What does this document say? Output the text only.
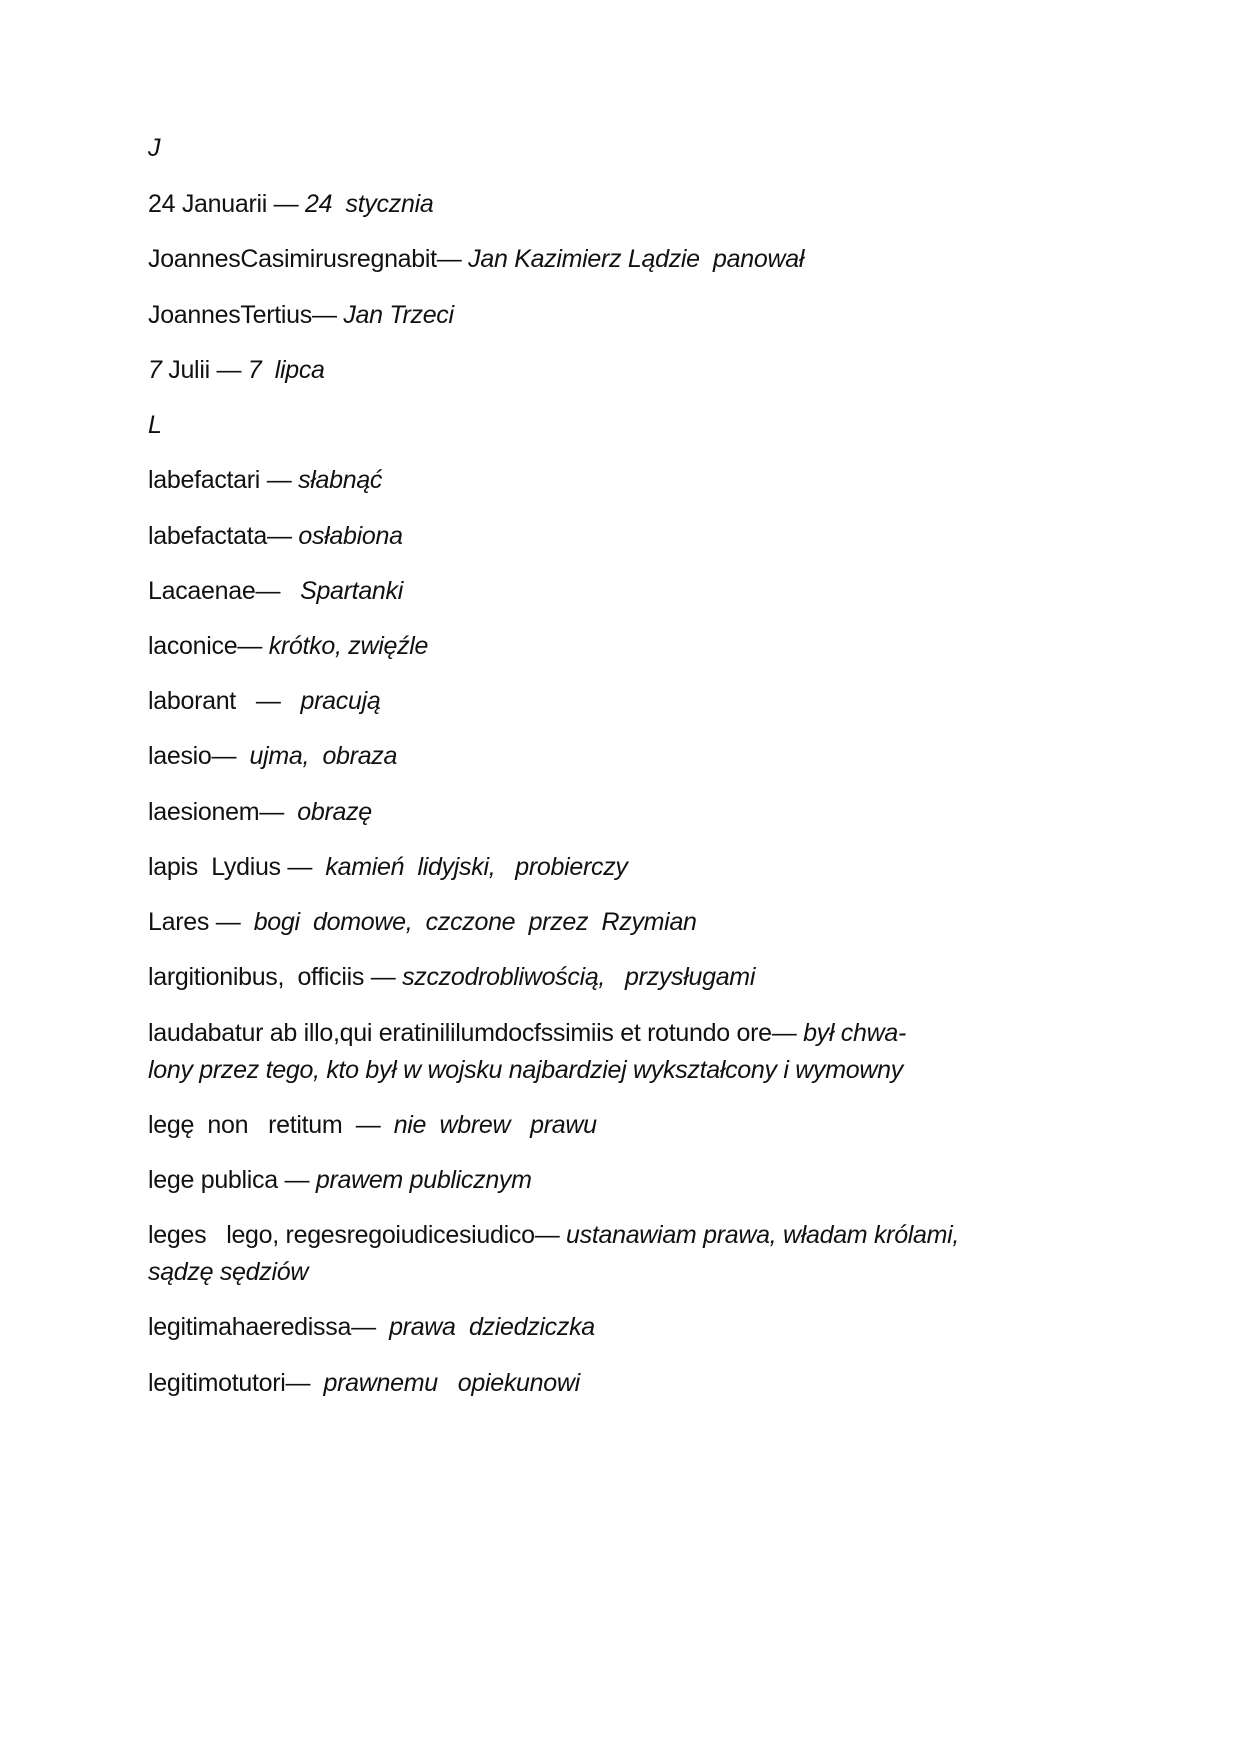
J
24 Januarii — 24  stycznia
JoannesCasimirusregnabit— Jan Kazimierz Lądzie  panował
JoannesTertius— Jan Trzeci
7 Julii — 7  lipca
L
labefactari — słabnąć
labefactata— osłabiona
Lacaenae—   Spartanki
laconice— krótko, zwięźle
laborant   —   pracują
laesio—  ujma,  obraza
laesionem—  obrazę
lapis  Lydius —  kamień  lidyjski,   probierczy
Lares —  bogi  domowe,  czczone  przez  Rzymian
largitionibus,  officiis — szczodrobliwością,   przysługami
laudabatur ab illo,qui eratinililumdocfssimiis et rotundo ore— był chwa-
lony przez tego, kto był w wojsku najbardziej wykształcony i wymowny
legę  non   retitum  —  nie  wbrew   prawu
lege publica — prawem publicznym
leges   lego, regesregoiudicesiudico— ustanawiam prawa, władam królami,
sądzę sędziów
legitimahaeredissa—  prawa  dziedziczka
legitimotutori—  prawnemu   opiekunowi
